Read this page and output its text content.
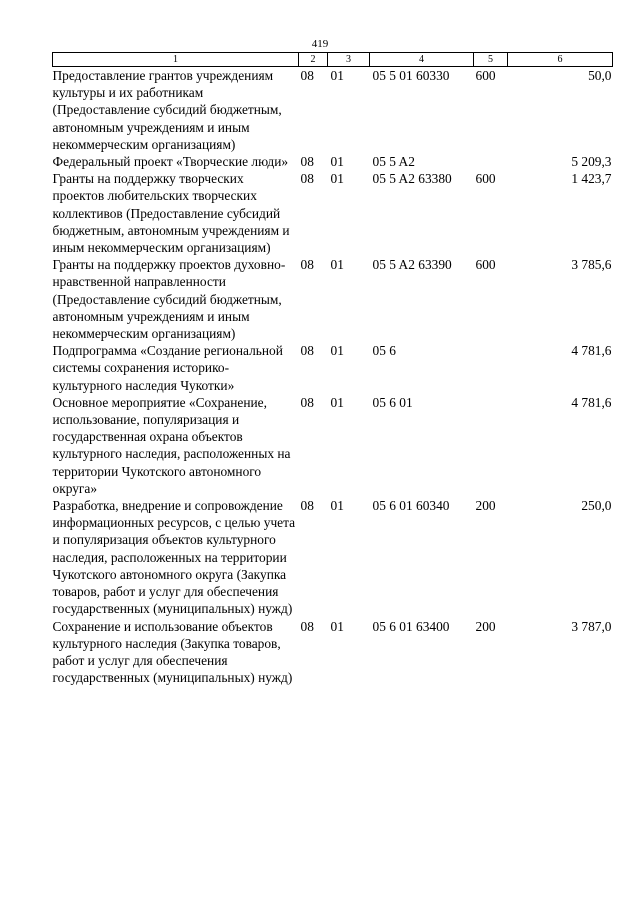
419
1	2	3	4	5	6
Предоставление грантов учреждениям культуры и их работникам (Предоставление субсидий бюджетным, автономным учреждениям и иным некоммерческим организациям)	08	01	05 5 01 60330	600	50,0
Федеральный проект «Творческие люди»	08	01	05 5 A2		5 209,3
Гранты на поддержку творческих проектов любительских творческих коллективов (Предоставление субсидий бюджетным, автономным учреждениям и иным некоммерческим организациям)	08	01	05 5 A2 63380	600	1 423,7
Гранты на поддержку проектов духовно-нравственной направленности (Предоставление субсидий бюджетным, автономным учреждениям и иным некоммерческим организациям)	08	01	05 5 A2 63390	600	3 785,6
Подпрограмма «Создание региональной системы сохранения историко-культурного наследия Чукотки»	08	01	05 6		4 781,6
Основное мероприятие «Сохранение, использование, популяризация и государственная охрана объектов культурного наследия, расположенных на территории Чукотского автономного округа»	08	01	05 6 01		4 781,6
Разработка, внедрение и сопровождение информационных ресурсов, с целью учета и популяризация объектов культурного наследия, расположенных на территории Чукотского автономного округа (Закупка товаров, работ и услуг для обеспечения государственных (муниципальных) нужд)	08	01	05 6 01 60340	200	250,0
Сохранение и использование объектов культурного наследия (Закупка товаров, работ и услуг для обеспечения государственных (муниципальных) нужд)	08	01	05 6 01 63400	200	3 787,0
